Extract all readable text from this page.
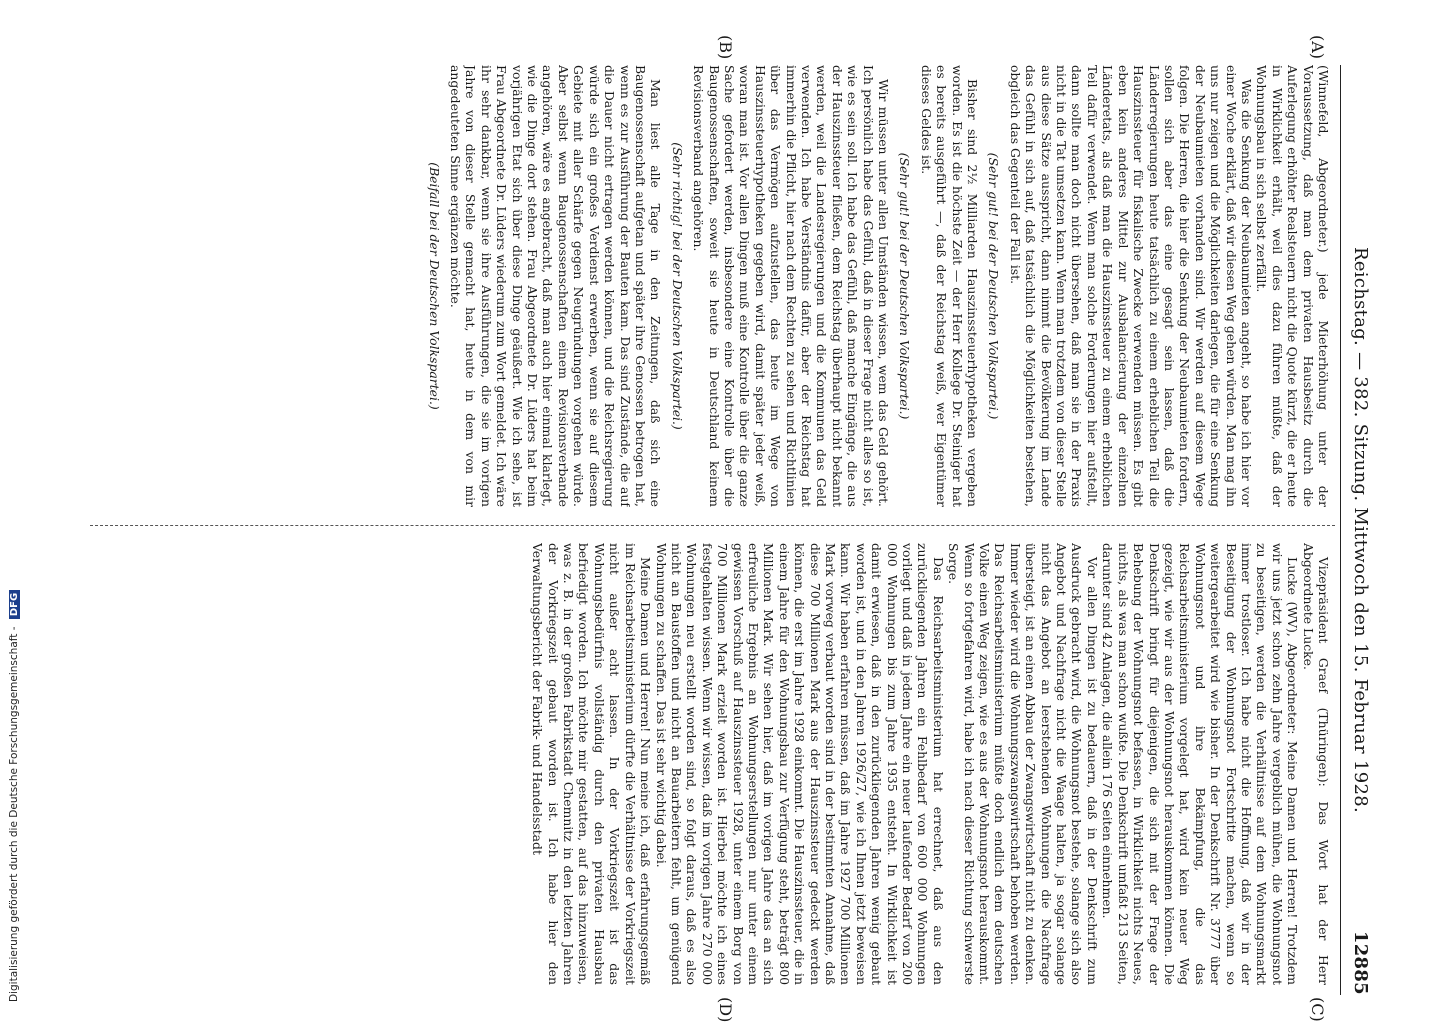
Reichstag. — 382. Sitzung. Mittwoch den 15. Februar 1928.
12885
(A)
(B)
(C)
(D)

(Winnefeld, Abgeordneter.) jede Mieterhöhung unter der Voraussetzung, daß man dem privaten Hausbesitz durch die Auferlegung erhöhter Realsteuern nicht die Quote kürzt, die er heute in Wirklichkeit erhält, weil dies dazu führen müßte, daß der Wohnungsbau in sich selbst zerfällt.

Was die Senkung der Neubaumieten angeht, so habe ich hier vor einer Woche erklärt, daß wir diesen Weg gehen würden. Man mag ihn uns nur zeigen und die Möglichkeiten darlegen, die für eine Senkung der Neubaumieten vorhanden sind. Wir werden auf diesem Wege folgen. Die Herren, die hier die Senkung der Neubaumieten fordern, sollen sich aber das eine gesagt sein lassen, daß die Länderregierungen heute tatsächlich zu einem erheblichen Teil die Hauszinssteuer für fiskalische Zwecke verwenden müssen. Es gibt eben kein anderes Mittel zur Ausbalancierung der einzelnen Länderetats, als daß man die Hauszinssteuer zu einem erheblichen Teil dafür verwendet. Wenn man solche Forderungen hier aufstellt, dann sollte man doch nicht übersehen, daß man sie in der Praxis nicht in die Tat umsetzen kann. Wenn man trotzdem von dieser Stelle aus diese Sätze ausspricht, dann nimmt die Bevölkerung im Lande das Gefühl in sich auf, daß tatsächlich die Möglichkeiten bestehen, obgleich das Gegenteil der Fall ist.

(Sehr gut! bei der Deutschen Volkspartei.)

Bisher sind 2½ Milliarden Hauszinssteuerhypotheken vergeben worden. Es ist die höchste Zeit — der Herr Kollege Dr. Steiniger hat es bereits ausgeführt —, daß der Reichstag weiß, wer Eigentümer dieses Geldes ist.

(Sehr gut! bei der Deutschen Volkspartei.)

Wir müssen unter allen Umständen wissen, wem das Geld gehört. Ich persönlich habe das Gefühl, daß in dieser Frage nicht alles so ist, wie es sein soll. Ich habe das Gefühl, daß manche Eingänge, die aus der Hauszinssteuer fließen, dem Reichstag überhaupt nicht bekannt werden, weil die Landesregierungen und die Kommunen das Geld verwenden. Ich habe Verständnis dafür, aber der Reichstag hat immerhin die Pflicht, hier nach dem Rechten zu sehen und Richtlinien über das Vermögen aufzustellen, das heute im Wege von Hauszinssteuerhypotheken gegeben wird, damit später jeder weiß, woran man ist. Vor allen Dingen muß eine Kontrolle über die ganze Sache gefordert werden, insbesondere eine Kontrolle über die Baugenossenschaften, soweit sie heute in Deutschland keinem Revisionsverband angehören.

(Sehr richtig! bei der Deutschen Volkspartei.)

Man liest alle Tage in den Zeitungen, daß sich eine Baugenossenschaft aufgetan und später ihre Genossen betrogen hat, wenn es zur Ausführung der Bauten kam. Das sind Zustände, die auf die Dauer nicht ertragen werden können, und die Reichsregierung würde sich ein großes Verdienst erwerben, wenn sie auf diesem Gebiete mit aller Schärfe gegen Neugründungen vorgehen würde. Aber selbst wenn Baugenossenschaften einem Revisionsverbande angehören, wäre es angebracht, daß man auch hier einmal klarlegt, wie die Dinge dort stehen. Frau Abgeordnete Dr. Lüders hat beim vorjährigen Etat sich über diese Dinge geäußert. Wie ich sehe, ist Frau Abgeordnete Dr. Lüders wiederum zum Wort gemeldet. Ich wäre ihr sehr dankbar, wenn sie ihre Ausführungen, die sie im vorigen Jahre von dieser Stelle gemacht hat, heute in dem von mir angedeuteten Sinne ergänzen möchte.

(Beifall bei der Deutschen Volkspartei.)

Vizepräsident Graef (Thüringen): Das Wort hat der Herr Abgeordnete Lucke.

Lucke (WV), Abgeordneter: Meine Damen und Herren! Trotzdem wir uns jetzt schon zehn Jahre vergeblich mühen, die Wohnungsnot zu beseitigen, werden die Verhältnisse auf dem Wohnungsmarkt immer trostloser. Ich habe nicht die Hoffnung, daß wir in der Beseitigung der Wohnungsnot Fortschritte machen, wenn so weitergearbeitet wird wie bisher. In der Denkschrift Nr. 3777 über Wohnungsnot und ihre Bekämpfung, die das Reichsarbeitsministerium vorgelegt hat, wird kein neuer Weg gezeigt, wie wir aus der Wohnungsnot herauskommen können. Die Denkschrift bringt für diejenigen, die sich mit der Frage der Behebung der Wohnungsnot befassen, in Wirklichkeit nichts Neues, nichts, als was man schon wußte. Die Denkschrift umfaßt 213 Seiten, darunter sind 42 Anlagen, die allein 176 Seiten einnehmen.

Vor allen Dingen ist zu bedauern, daß in der Denkschrift zum Ausdruck gebracht wird, die Wohnungsnot bestehe, solange sich also Angebot und Nachfrage nicht die Waage halten, ja sogar solange nicht das Angebot an leerstehenden Wohnungen die Nachfrage übersteigt, ist an einen Abbau der Zwangswirtschaft nicht zu denken. Immer wieder wird die Wohnungszwangswirtschaft behoben werden. Das Reichsarbeitsministerium müßte doch endlich dem deutschen Volke einen Weg zeigen, wie es aus der Wohnungsnot herauskommt. Wenn so fortgefahren wird, habe ich nach dieser Richtung schwerste Sorge.

Das Reichsarbeitsministerium hat errechnet, daß aus den zurückliegenden Jahren ein Fehlbedarf von 600 000 Wohnungen vorliegt und daß in jedem Jahre ein neuer laufender Bedarf von 200 000 Wohnungen bis zum Jahre 1935 entsteht. In Wirklichkeit ist damit erwiesen, daß in den zurückliegenden Jahren wenig gebaut worden ist, und in den Jahren 1926/27, wie ich Ihnen jetzt beweisen kann. Wir haben erfahren müssen, daß im Jahre 1927 700 Millionen Mark vorweg verbaut worden sind in der bestimmten Annahme, daß diese 700 Millionen Mark aus der Hauszinssteuer gedeckt werden können, die erst im Jahre 1928 einkommt. Die Hauszinssteuer, die in einem Jahre für den Wohnungsbau zur Verfügung steht, beträgt 800 Millionen Mark. Wir sehen hier, daß im vorigen Jahre das an sich erfreuliche Ergebnis an Wohnungserstellungen nur unter einem gewissen Vorschuß auf Hauszinssteuer 1928, unter einem Borg von 700 Millionen Mark erzielt worden ist. Hierbei möchte ich eines festgehalten wissen. Wenn wir wissen, daß im vorigen Jahre 270 000 Wohnungen neu erstellt worden sind, so folgt daraus, daß es also nicht an Baustoffen und nicht an Bauarbeitern fehlt, um genügend Wohnungen zu schaffen. Das ist sehr wichtig dabei.

Meine Damen und Herren! Nun meine ich, daß erfahrungsgemäß im Reichsarbeitsministerium dürfte die Verhältnisse der Vorkriegszeit nicht außer acht lassen. In der Vorkriegszeit ist das Wohnungsbedürfnis vollständig durch den privaten Hausbau befriedigt worden. Ich möchte mir gestatten, auf das hinzuweisen, was z. B. in der großen Fabrikstadt Chemnitz in den letzten Jahren der Vorkriegszeit gebaut worden ist. Ich habe hier den Verwaltungsbericht der Fabrik- und Handelsstadt

Digitalisierung gefördert durch die Deutsche Forschungsgemeinschaft - DFG
